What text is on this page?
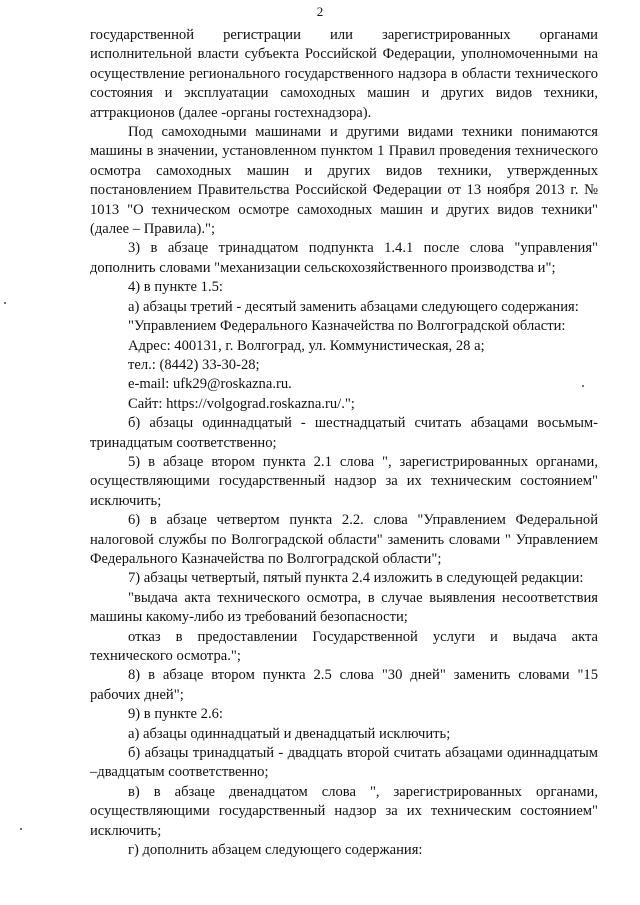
2

государственной регистрации или зарегистрированных органами исполнительной власти субъекта Российской Федерации, уполномоченными на осуществление регионального государственного надзора в области технического состояния и эксплуатации самоходных машин и других видов техники, аттракционов (далее -органы гостехнадзора).

Под самоходными машинами и другими видами техники понимаются машины в значении, установленном пунктом 1 Правил проведения технического осмотра самоходных машин и других видов техники, утвержденных постановлением Правительства Российской Федерации от 13 ноября 2013 г. № 1013 "О техническом осмотре самоходных машин и других видов техники" (далее – Правила).";

3) в абзаце тринадцатом подпункта 1.4.1 после слова "управления" дополнить словами "механизации сельскохозяйственного производства и";

4) в пункте 1.5:

а) абзацы третий - десятый заменить абзацами следующего содержания:

"Управлением Федерального Казначейства по Волгоградской области:

Адрес: 400131, г. Волгоград, ул. Коммунистическая, 28 а;

тел.: (8442) 33-30-28;

e-mail: ufk29@roskazna.ru.

Сайт: https://volgograd.roskazna.ru/.";

б) абзацы одиннадцатый - шестнадцатый считать абзацами восьмым-тринадцатым соответственно;

5) в абзаце втором пункта 2.1 слова ", зарегистрированных органами, осуществляющими государственный надзор за их техническим состоянием" исключить;

6) в абзаце четвертом пункта 2.2. слова "Управлением Федеральной налоговой службы по Волгоградской области" заменить словами " Управлением Федерального Казначейства по Волгоградской области";

7) абзацы четвертый, пятый пункта 2.4 изложить в следующей редакции:

"выдача акта технического осмотра, в случае выявления несоответствия машины какому-либо из требований безопасности;

отказ в предоставлении Государственной услуги и выдача акта технического осмотра.";

8) в абзаце втором пункта 2.5 слова "30 дней" заменить словами "15 рабочих дней";

9) в пункте 2.6:

а) абзацы одиннадцатый и двенадцатый исключить;

б) абзацы тринадцатый - двадцать второй считать абзацами одиннадцатым –двадцатым соответственно;

в) в абзаце двенадцатом слова ", зарегистрированных органами, осуществляющими государственный надзор за их техническим состоянием" исключить;

г) дополнить абзацем следующего содержания:
